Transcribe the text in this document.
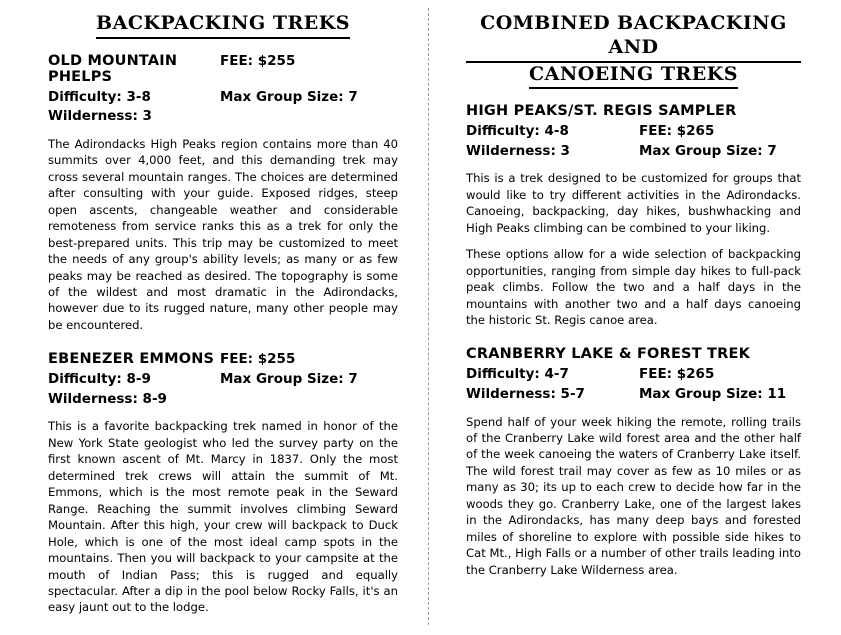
BACKPACKING TREKS
OLD MOUNTAIN PHELPS
FEE: $255
Difficulty: 3-8	Max Group Size: 7
Wilderness: 3

The Adirondacks High Peaks region contains more than 40 summits over 4,000 feet, and this demanding trek may cross several mountain ranges. The choices are determined after consulting with your guide. Exposed ridges, steep open ascents, changeable weather and considerable remoteness from service ranks this as a trek for only the best-prepared units. This trip may be customized to meet the needs of any group's ability levels; as many or as few peaks may be reached as desired. The topography is some of the wildest and most dramatic in the Adirondacks, however due to its rugged nature, many other people may be encountered.

EBENEZER EMMONS FEE: $255
Difficulty: 8-9	Max Group Size: 7
Wilderness: 8-9

This is a favorite backpacking trek named in honor of the New York State geologist who led the survey party on the first known ascent of Mt. Marcy in 1837. Only the most determined trek crews will attain the summit of Mt. Emmons, which is the most remote peak in the Seward Range. Reaching the summit involves climbing Seward Mountain. After this high, your crew will backpack to Duck Hole, which is one of the most ideal camp spots in the mountains. Then you will backpack to your campsite at the mouth of Indian Pass; this is rugged and equally spectacular. After a dip in the pool below Rocky Falls, it's an easy jaunt out to the lodge.

COMBINED BACKPACKING AND
CANOEING TREKS
HIGH PEAKS/ST. REGIS SAMPLER
Difficulty: 4-8	FEE: $265
Wilderness: 3	Max Group Size: 7

This is a trek designed to be customized for groups that would like to try different activities in the Adirondacks. Canoeing, backpacking, day hikes, bushwhacking and High Peaks climbing can be combined to your liking.

These options allow for a wide selection of backpacking opportunities, ranging from simple day hikes to full-pack peak climbs. Follow the two and a half days in the mountains with another two and a half days canoeing the historic St. Regis canoe area.

CRANBERRY LAKE & FOREST TREK
Difficulty: 4-7	FEE: $265
Wilderness: 5-7	Max Group Size: 11

Spend half of your week hiking the remote, rolling trails of the Cranberry Lake wild forest area and the other half of the week canoeing the waters of Cranberry Lake itself. The wild forest trail may cover as few as 10 miles or as many as 30; its up to each crew to decide how far in the woods they go. Cranberry Lake, one of the largest lakes in the Adirondacks, has many deep bays and forested miles of shoreline to explore with possible side hikes to Cat Mt., High Falls or a number of other trails leading into the Cranberry Lake Wilderness area.
